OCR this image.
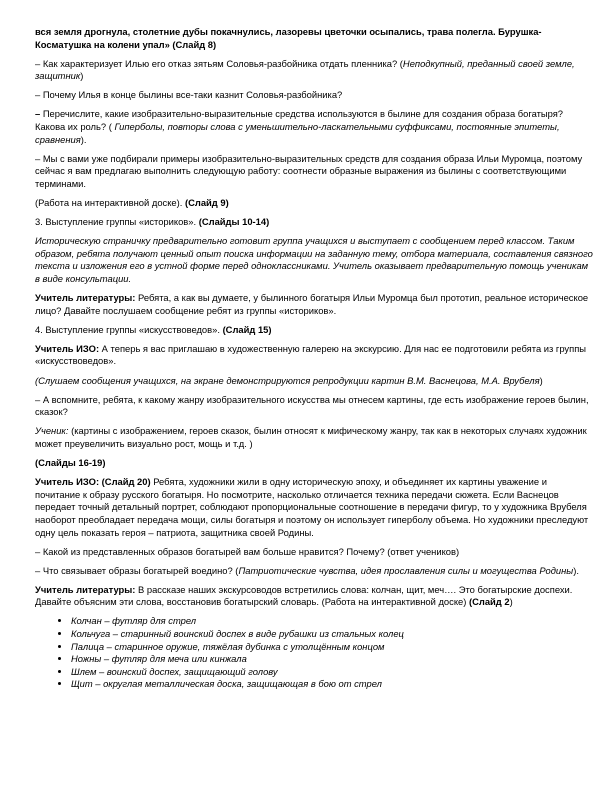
вся земля дрогнула, столетние дубы покачнулись, лазоревы цветочки осыпались, трава полегла. Бурушка-Косматушка на колени упал» (Слайд 8)

– Как характеризует Илью его отказ зятьям Соловья-разбойника отдать пленника? (Неподкупный, преданный своей земле, защитник)

– Почему Илья в конце былины все-таки казнит Соловья-разбойника?

– Перечислите, какие изобразительно-выразительные средства используются в былине для создания образа богатыря? Какова их роль? ( Гиперболы, повторы слова с уменьшительно-ласкательными суффиксами, постоянные эпитеты, сравнения).

– Мы с вами уже подбирали примеры изобразительно-выразительных средств для создания образа Ильи Муромца, поэтому сейчас я вам предлагаю выполнить следующую работу: соотнести образные выражения из былины с соответствующими терминами.

(Работа на интерактивной доске). (Слайд 9)

3. Выступление группы «историков». (Слайды 10-14)

Историческую страничку предварительно готовит группа учащихся и выступает с сообщением перед классом. Таким образом, ребята получают ценный опыт поиска информации на заданную тему, отбора материала, составления связного текста и изложения его в устной форме перед одноклассниками. Учитель оказывает предварительную помощь ученикам в виде консультации.

Учитель литературы: Ребята, а как вы думаете, у былинного богатыря Ильи Муромца был прототип, реальное историческое лицо? Давайте послушаем сообщение ребят из группы «историков».

4. Выступление группы «искусствоведов». (Слайд 15)

Учитель ИЗО: А теперь я вас приглашаю в художественную галерею на экскурсию. Для нас ее подготовили ребята из группы «искусствоведов».

(Слушаем сообщения учащихся, на экране демонстрируются репродукции картин В.М. Васнецова, М.А. Врубеля)

– А вспомните, ребята, к какому жанру изобразительного искусства мы отнесем картины, где есть изображение героев былин, сказок?

Ученик: (картины с изображением, героев сказок, былин относят к мифическому жанру, так как в некоторых случаях художник может преувеличить визуально рост, мощь и т.д. )

(Слайды 16-19)

Учитель ИЗО: (Слайд 20) Ребята, художники жили в одну историческую эпоху, и объединяет их картины уважение и почитание к образу русского богатыря. Но посмотрите, насколько отличается техника передачи сюжета. Если Васнецов передает точный детальный портрет, соблюдают пропорциональные соотношение в передачи фигур, то у художника Врубеля наоборот преобладает передача мощи, силы богатыря и поэтому он использует гиперболу объема. Но художники преследуют одну цель показать героя – патриота, защитника своей Родины.

– Какой из представленных образов богатырей вам больше нравится? Почему? (ответ учеников)

– Что связывает образы богатырей воедино? (Патриотические чувства, идея прославления силы и могущества Родины).

Учитель литературы: В рассказе наших экскурсоводов встретились слова: колчан, щит, меч…. Это богатырские доспехи. Давайте объясним эти слова, восстановив богатырский словарь. (Работа на интерактивной доске) (Слайд 2)

• Колчан – футляр для стрел
• Кольчуга – старинный воинский доспех в виде рубашки из стальных колец
• Палица – старинное оружие, тяжёлая дубинка с утолщённым концом
• Ножны – футляр для меча или кинжала
• Шлем – воинский доспех, защищающий голову
• Щит – округлая металлическая доска, защищающая в бою от стрел
